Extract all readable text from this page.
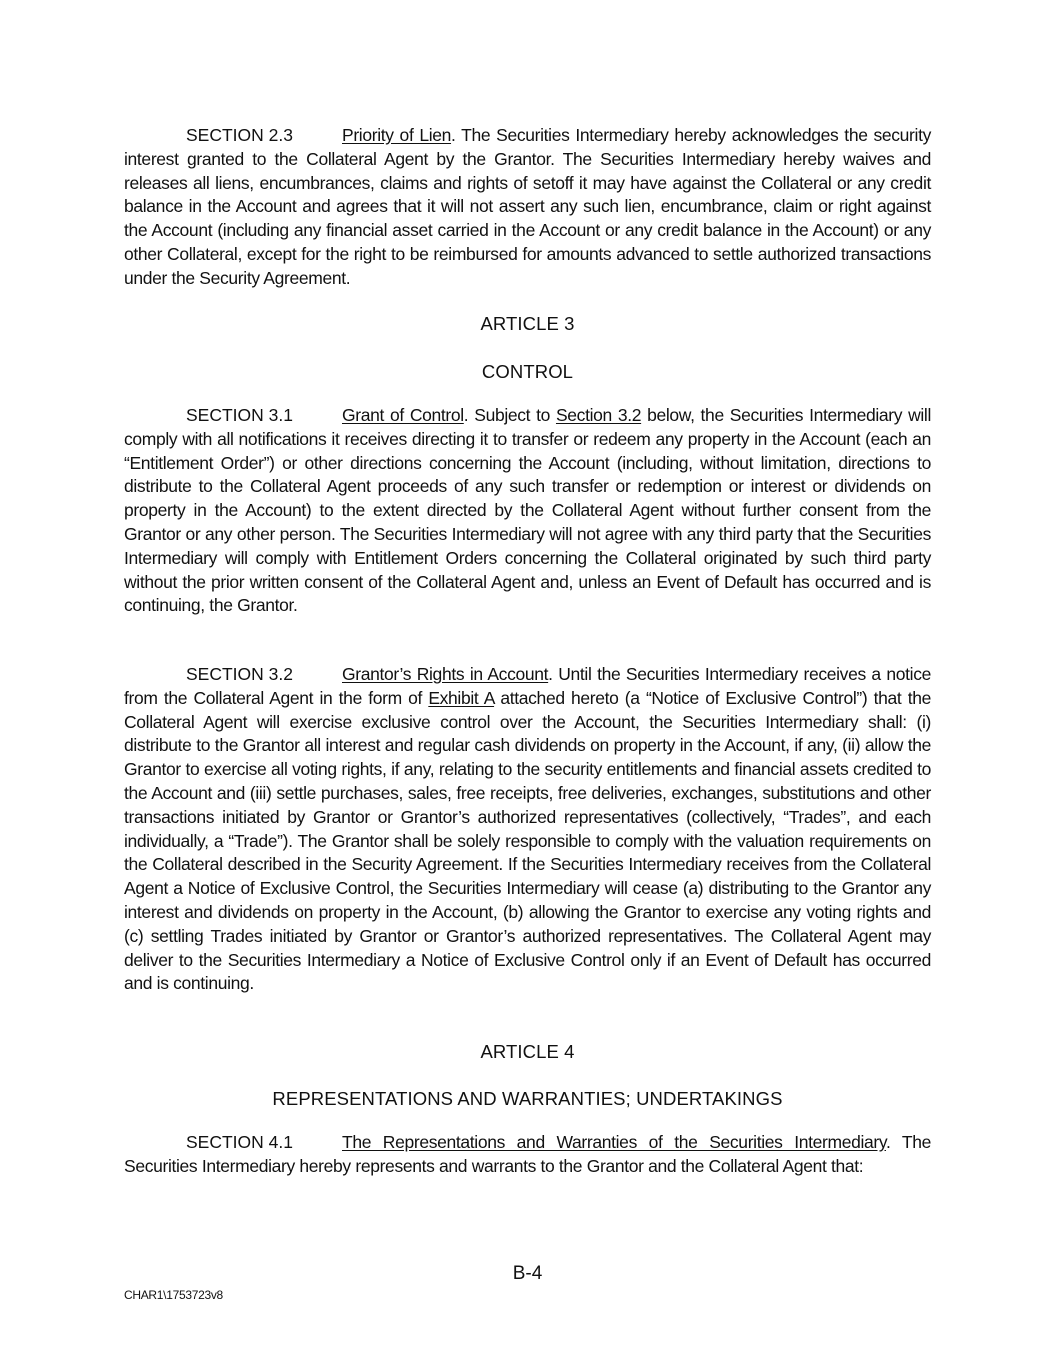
SECTION 2.3	Priority of Lien. The Securities Intermediary hereby acknowledges the security interest granted to the Collateral Agent by the Grantor. The Securities Intermediary hereby waives and releases all liens, encumbrances, claims and rights of setoff it may have against the Collateral or any credit balance in the Account and agrees that it will not assert any such lien, encumbrance, claim or right against the Account (including any financial asset carried in the Account or any credit balance in the Account) or any other Collateral, except for the right to be reimbursed for amounts advanced to settle authorized transactions under the Security Agreement.

ARTICLE 3

CONTROL

SECTION 3.1	Grant of Control. Subject to Section 3.2 below, the Securities Intermediary will comply with all notifications it receives directing it to transfer or redeem any property in the Account (each an “Entitlement Order”) or other directions concerning the Account (including, without limitation, directions to distribute to the Collateral Agent proceeds of any such transfer or redemption or interest or dividends on property in the Account) to the extent directed by the Collateral Agent without further consent from the Grantor or any other person. The Securities Intermediary will not agree with any third party that the Securities Intermediary will comply with Entitlement Orders concerning the Collateral originated by such third party without the prior written consent of the Collateral Agent and, unless an Event of Default has occurred and is continuing, the Grantor.

SECTION 3.2	Grantor’s Rights in Account. Until the Securities Intermediary receives a notice from the Collateral Agent in the form of Exhibit A attached hereto (a “Notice of Exclusive Control”) that the Collateral Agent will exercise exclusive control over the Account, the Securities Intermediary shall: (i) distribute to the Grantor all interest and regular cash dividends on property in the Account, if any, (ii) allow the Grantor to exercise all voting rights, if any, relating to the security entitlements and financial assets credited to the Account and (iii) settle purchases, sales, free receipts, free deliveries, exchanges, substitutions and other transactions initiated by Grantor or Grantor’s authorized representatives (collectively, “Trades”, and each individually, a “Trade”). The Grantor shall be solely responsible to comply with the valuation requirements on the Collateral described in the Security Agreement. If the Securities Intermediary receives from the Collateral Agent a Notice of Exclusive Control, the Securities Intermediary will cease (a) distributing to the Grantor any interest and dividends on property in the Account, (b) allowing the Grantor to exercise any voting rights and (c) settling Trades initiated by Grantor or Grantor’s authorized representatives. The Collateral Agent may deliver to the Securities Intermediary a Notice of Exclusive Control only if an Event of Default has occurred and is continuing.

ARTICLE 4

REPRESENTATIONS AND WARRANTIES; UNDERTAKINGS

SECTION 4.1	The Representations and Warranties of the Securities Intermediary. The Securities Intermediary hereby represents and warrants to the Grantor and the Collateral Agent that:

B-4
CHAR1\1753723v8
